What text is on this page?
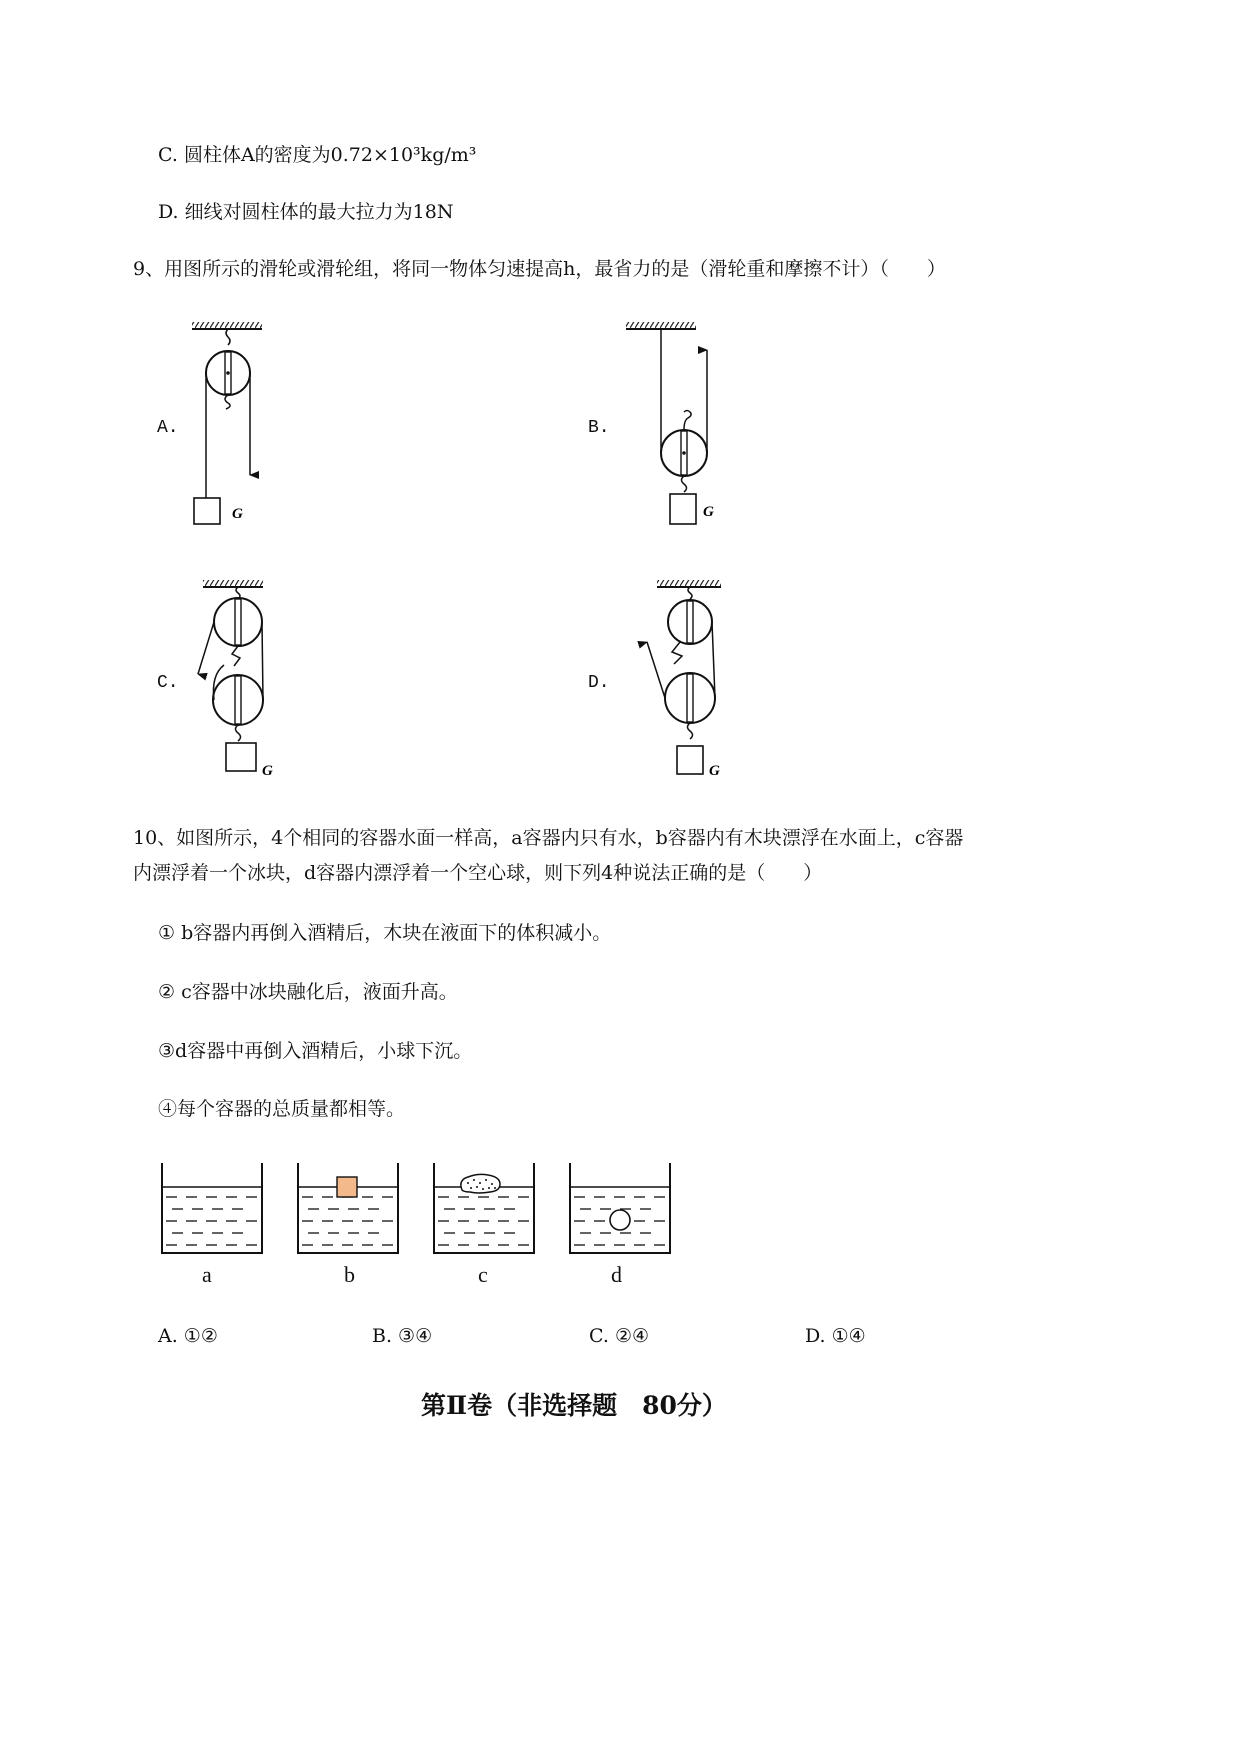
C. 圆柱体A的密度为0.72×10³kg/m³
D. 细线对圆柱体的最大拉力为18N
9、用图所示的滑轮或滑轮组，将同一物体匀速提高h，最省力的是（滑轮重和摩擦不计）（　　）
A.	B.
C.	D.
G	G
G	G
10、如图所示，4个相同的容器水面一样高，a容器内只有水，b容器内有木块漂浮在水面上，c容器
内漂浮着一个冰块，d容器内漂浮着一个空心球，则下列4种说法正确的是（　　）
① b容器内再倒入酒精后，木块在液面下的体积减小。
② c容器中冰块融化后，液面升高。
③d容器中再倒入酒精后，小球下沉。
④每个容器的总质量都相等。
a	b	c	d
A. ①②	B. ③④	C. ②④	D. ①④
第Ⅱ卷（非选择题　80分）
